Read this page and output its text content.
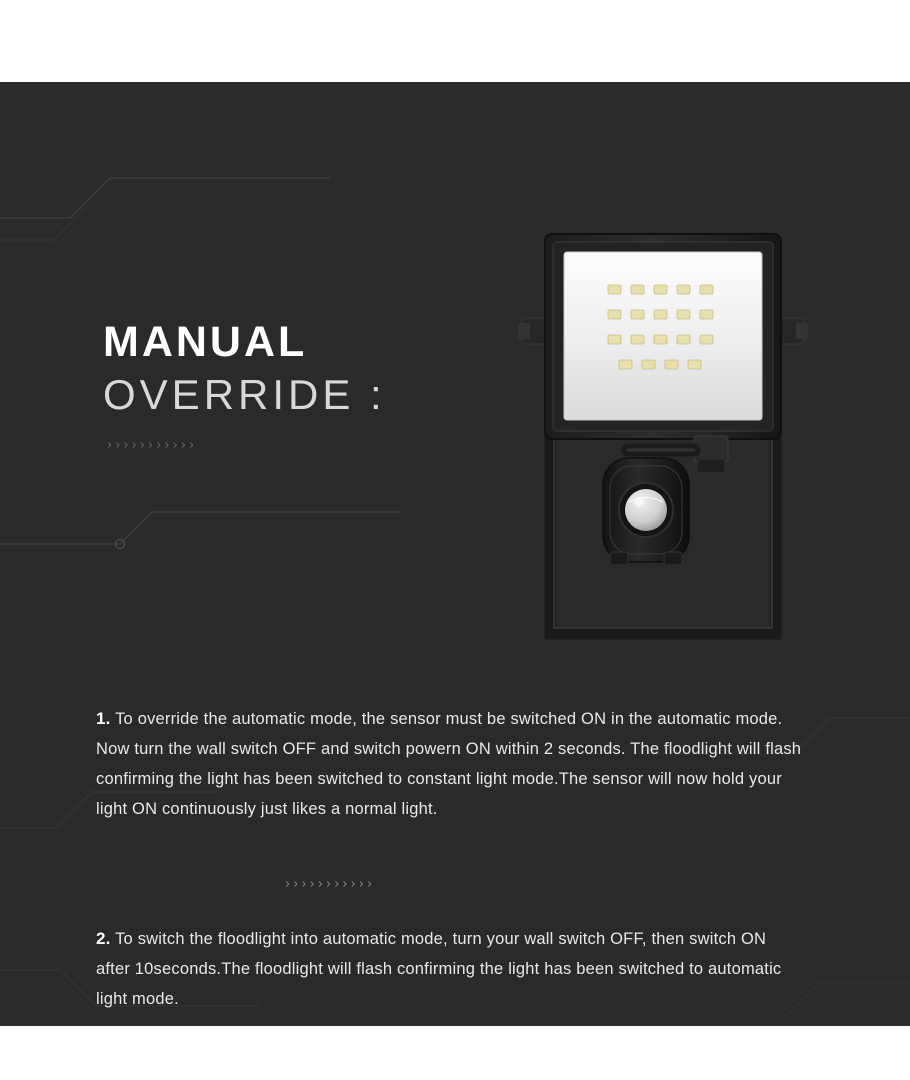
MANUAL
OVERRIDE :
›››››››››››
1. To override the automatic mode, the sensor must be switched ON in the automatic mode. Now turn the wall switch OFF and switch powern ON within 2 seconds. The floodlight will flash confirming the light has been switched to constant light mode.The sensor will now hold your light ON continuously just likes a normal light.
›››››››››››
2. To switch the floodlight into automatic mode, turn your wall switch OFF, then switch ON after 10seconds.The floodlight will flash confirming the light has been switched to automatic light mode.
